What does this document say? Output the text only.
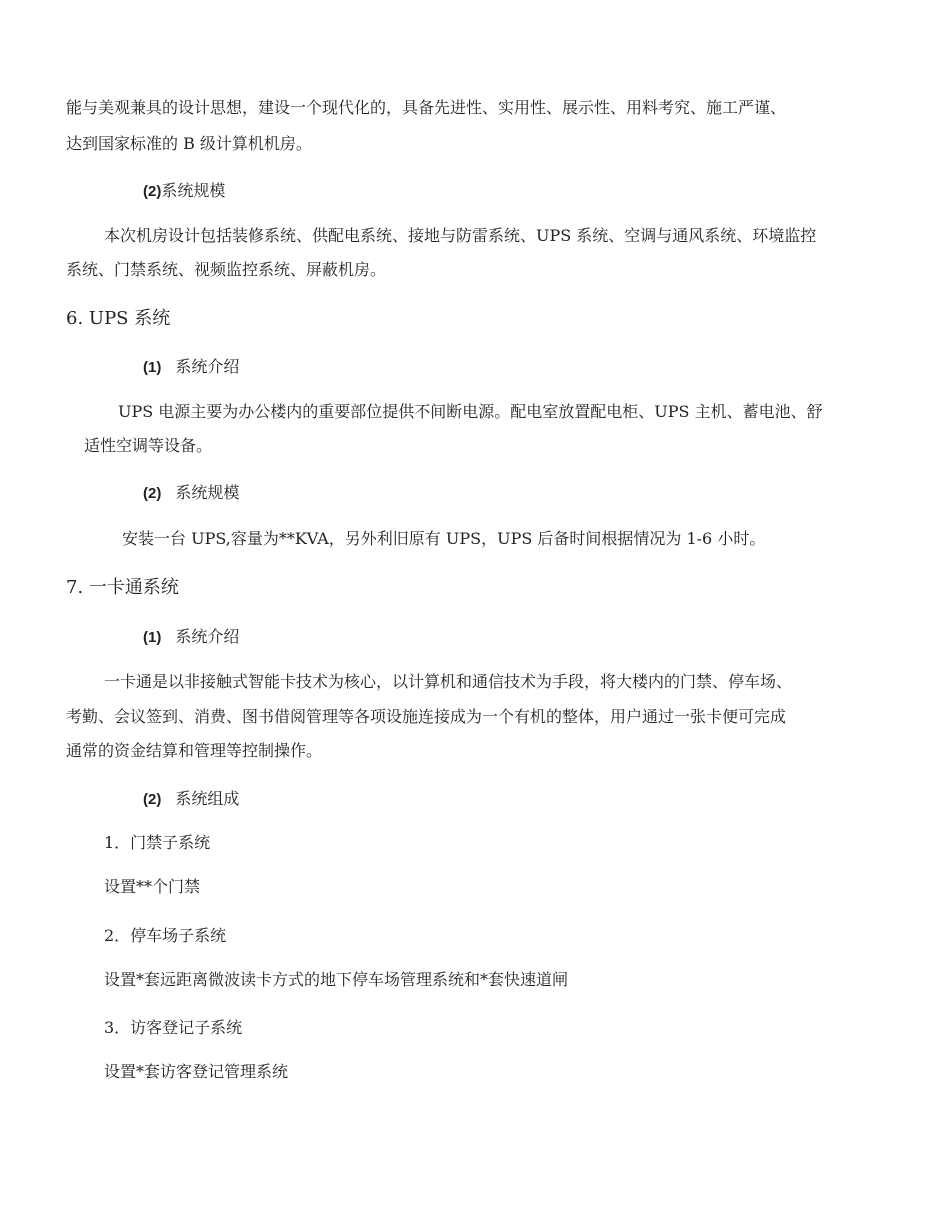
能与美观兼具的设计思想，建设一个现代化的，具备先进性、实用性、展示性、用料考究、施工严谨、
达到国家标准的 B 级计算机机房。
(2)系统规模
本次机房设计包括装修系统、供配电系统、接地与防雷系统、UPS 系统、空调与通风系统、环境监控
系统、门禁系统、视频监控系统、屏蔽机房。
6. UPS 系统
(1) 系统介绍
UPS 电源主要为办公楼内的重要部位提供不间断电源。配电室放置配电柜、UPS 主机、蓄电池、舒
适性空调等设备。
(2) 系统规模
安装一台 UPS,容量为**KVA，另外利旧原有 UPS，UPS 后备时间根据情况为 1-6 小时。
7. 一卡通系统
(1) 系统介绍
一卡通是以非接触式智能卡技术为核心，以计算机和通信技术为手段，将大楼内的门禁、停车场、
考勤、会议签到、消费、图书借阅管理等各项设施连接成为一个有机的整体，用户通过一张卡便可完成
通常的资金结算和管理等控制操作。
(2) 系统组成
1．门禁子系统
设置**个门禁
2．停车场子系统
设置*套远距离微波读卡方式的地下停车场管理系统和*套快速道闸
3．访客登记子系统
设置*套访客登记管理系统
